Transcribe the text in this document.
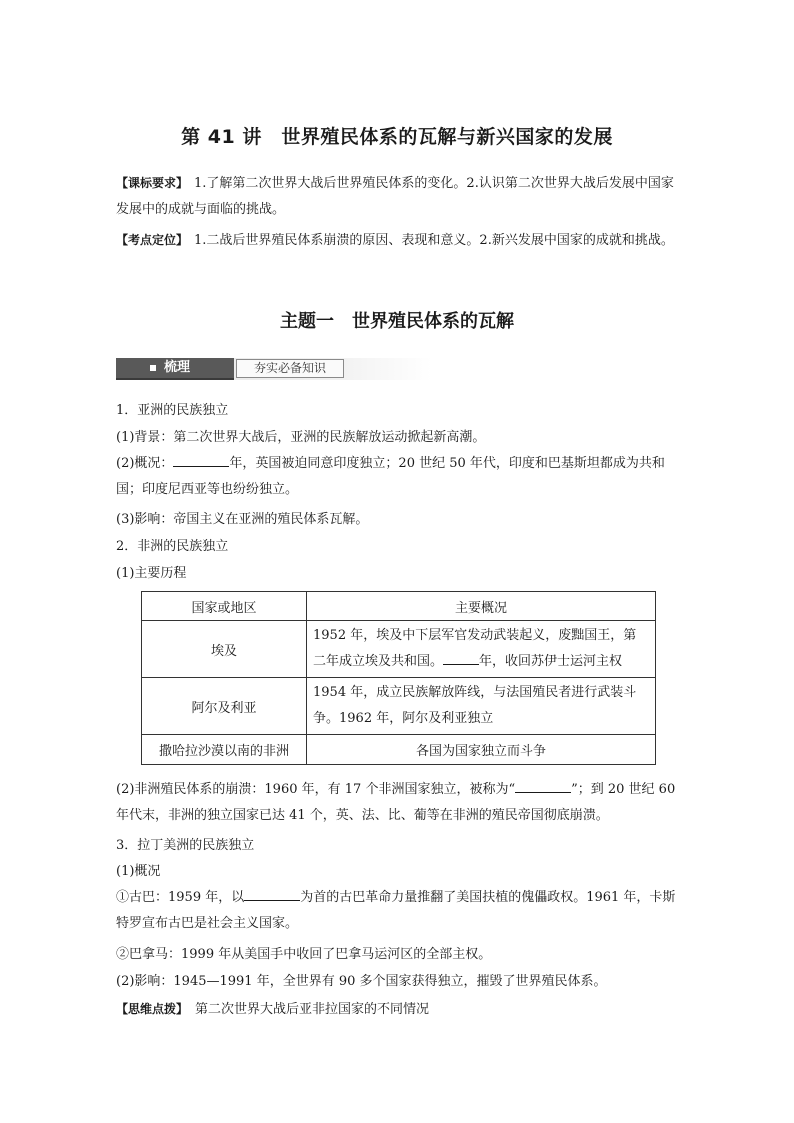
第 41 讲　世界殖民体系的瓦解与新兴国家的发展
【课标要求】 1.了解第二次世界大战后世界殖民体系的变化。2.认识第二次世界大战后发展中国家发展中的成就与面临的挑战。
【考点定位】 1.二战后世界殖民体系崩溃的原因、表现和意义。2.新兴发展中国家的成就和挑战。
主题一　世界殖民体系的瓦解
梳理	夯实必备知识
1．亚洲的民族独立
(1)背景：第二次世界大战后，亚洲的民族解放运动掀起新高潮。
(2)概况：	年，英国被迫同意印度独立；20 世纪 50 年代，印度和巴基斯坦都成为共和国；印度尼西亚等也纷纷独立。
(3)影响：帝国主义在亚洲的殖民体系瓦解。
2．非洲的民族独立
(1)主要历程
国家或地区	主要概况
埃及	1952 年，埃及中下层军官发动武装起义，废黜国王，第二年成立埃及共和国。 年，收回苏伊士运河主权
阿尔及利亚	1954 年，成立民族解放阵线，与法国殖民者进行武装斗争。1962 年，阿尔及利亚独立
撒哈拉沙漠以南的非洲	各国为国家独立而斗争
(2)非洲殖民体系的崩溃：1960 年，有 17 个非洲国家独立，被称为“	”；到 20 世纪 60 年代末，非洲的独立国家已达 41 个，英、法、比、葡等在非洲的殖民帝国彻底崩溃。
3．拉丁美洲的民族独立
(1)概况
①古巴：1959 年，以	为首的古巴革命力量推翻了美国扶植的傀儡政权。1961 年，卡斯特罗宣布古巴是社会主义国家。
②巴拿马：1999 年从美国手中收回了巴拿马运河区的全部主权。
(2)影响：1945—1991 年，全世界有 90 多个国家获得独立，摧毁了世界殖民体系。
【思维点拨】　 第二次世界大战后亚非拉国家的不同情况
